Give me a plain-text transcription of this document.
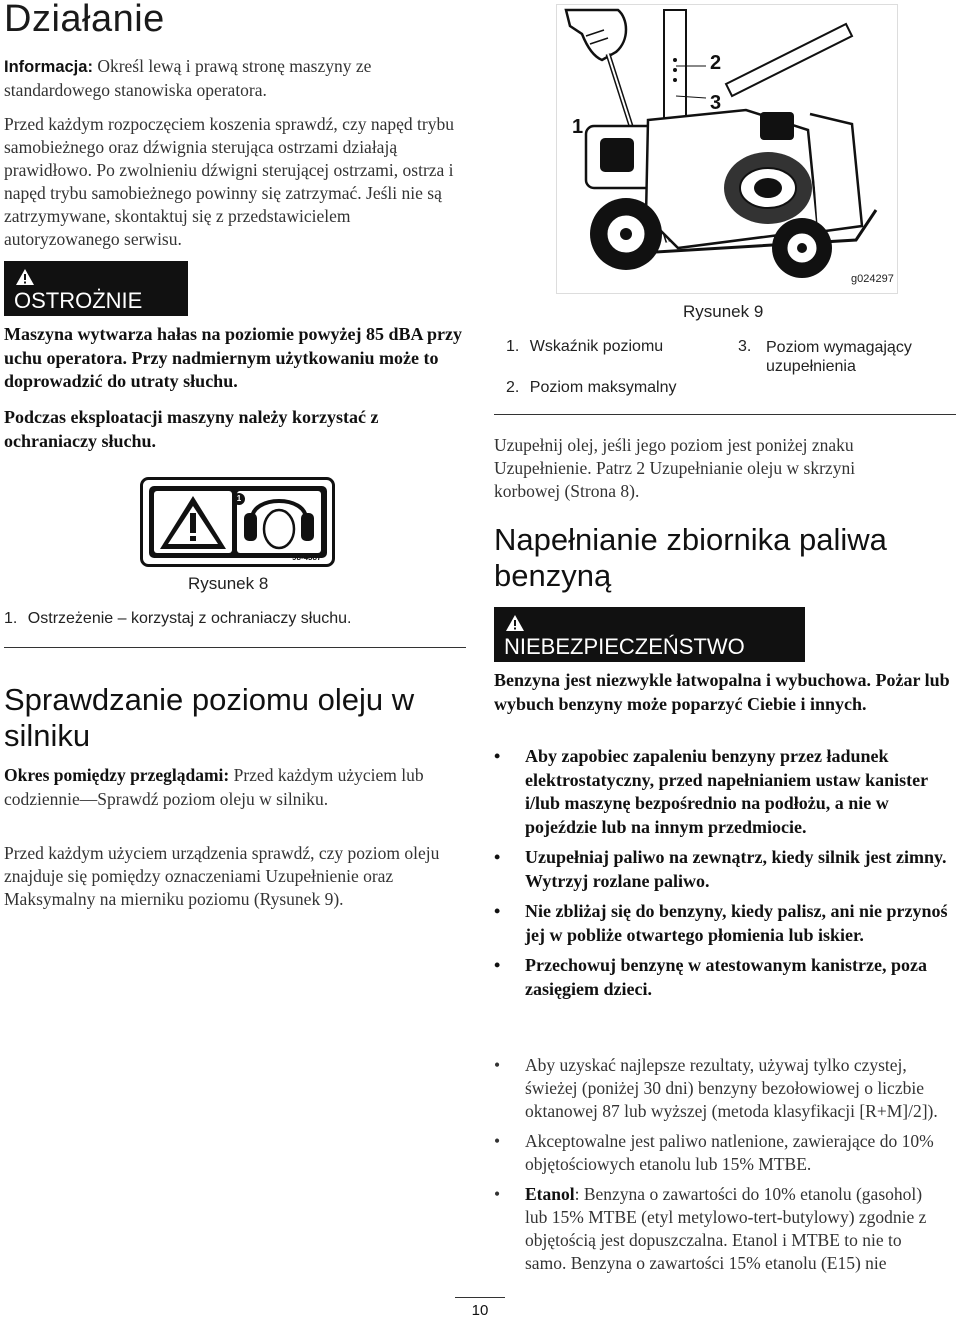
Działanie
Informacja: Określ lewą i prawą stronę maszyny ze standardowego stanowiska operatora.
Przed każdym rozpoczęciem koszenia sprawdź, czy napęd trybu samobieżnego oraz dźwignia sterująca ostrzami działają prawidłowo. Po zwolnieniu dźwigni sterującej ostrzami, ostrza i napęd trybu samobieżnego powinny się zatrzymać. Jeśli nie są zatrzymywane, skontaktuj się z przedstawicielem autoryzowanego serwisu.
OSTROŻNIE
Maszyna wytwarza hałas na poziomie powyżej 85 dBA przy uchu operatora. Przy nadmiernym użytkowaniu może to doprowadzić do utraty słuchu.
Podczas eksploatacji maszyny należy korzystać z ochraniaczy słuchu.
1
98-4387
Rysunek 8
1. Ostrzeżenie – korzystaj z ochraniaczy słuchu.
Sprawdzanie poziomu oleju w silniku
Okres pomiędzy przeglądami: Przed każdym użyciem lub codziennie—Sprawdź poziom oleju w silniku.
Przed każdym użyciem urządzenia sprawdź, czy poziom oleju znajduje się pomiędzy oznaczeniami Uzupełnienie oraz Maksymalny na mierniku poziomu (Rysunek 9).
1
2
3
g024297
Rysunek 9
1. Wskaźnik poziomu
2. Poziom maksymalny
3. Poziom wymagający uzupełnienia
Uzupełnij olej, jeśli jego poziom jest poniżej znaku Uzupełnienie. Patrz 2 Uzupełnianie oleju w skrzyni korbowej (Strona 8).
Napełnianie zbiornika paliwa benzyną
NIEBEZPIECZEŃSTWO
Benzyna jest niezwykle łatwopalna i wybuchowa. Pożar lub wybuch benzyny może poparzyć Ciebie i innych.
• Aby zapobiec zapaleniu benzyny przez ładunek elektrostatyczny, przed napełnianiem ustaw kanister i/lub maszynę bezpośrednio na podłożu, a nie w pojeździe lub na innym przedmiocie.
• Uzupełniaj paliwo na zewnątrz, kiedy silnik jest zimny. Wytrzyj rozlane paliwo.
• Nie zbliżaj się do benzyny, kiedy palisz, ani nie przynoś jej w pobliże otwartego płomienia lub iskier.
• Przechowuj benzynę w atestowanym kanistrze, poza zasięgiem dzieci.
• Aby uzyskać najlepsze rezultaty, używaj tylko czystej, świeżej (poniżej 30 dni) benzyny bezołowiowej o liczbie oktanowej 87 lub wyższej (metoda klasyfikacji [R+M]/2]).
• Akceptowalne jest paliwo natlenione, zawierające do 10% objętościowych etanolu lub 15% MTBE.
• Etanol: Benzyna o zawartości do 10% etanolu (gasohol) lub 15% MTBE (etyl metylowo-tert-butylowy) zgodnie z objętością jest dopuszczalna. Etanol i MTBE to nie to samo. Benzyna o zawartości 15% etanolu (E15) nie
10
